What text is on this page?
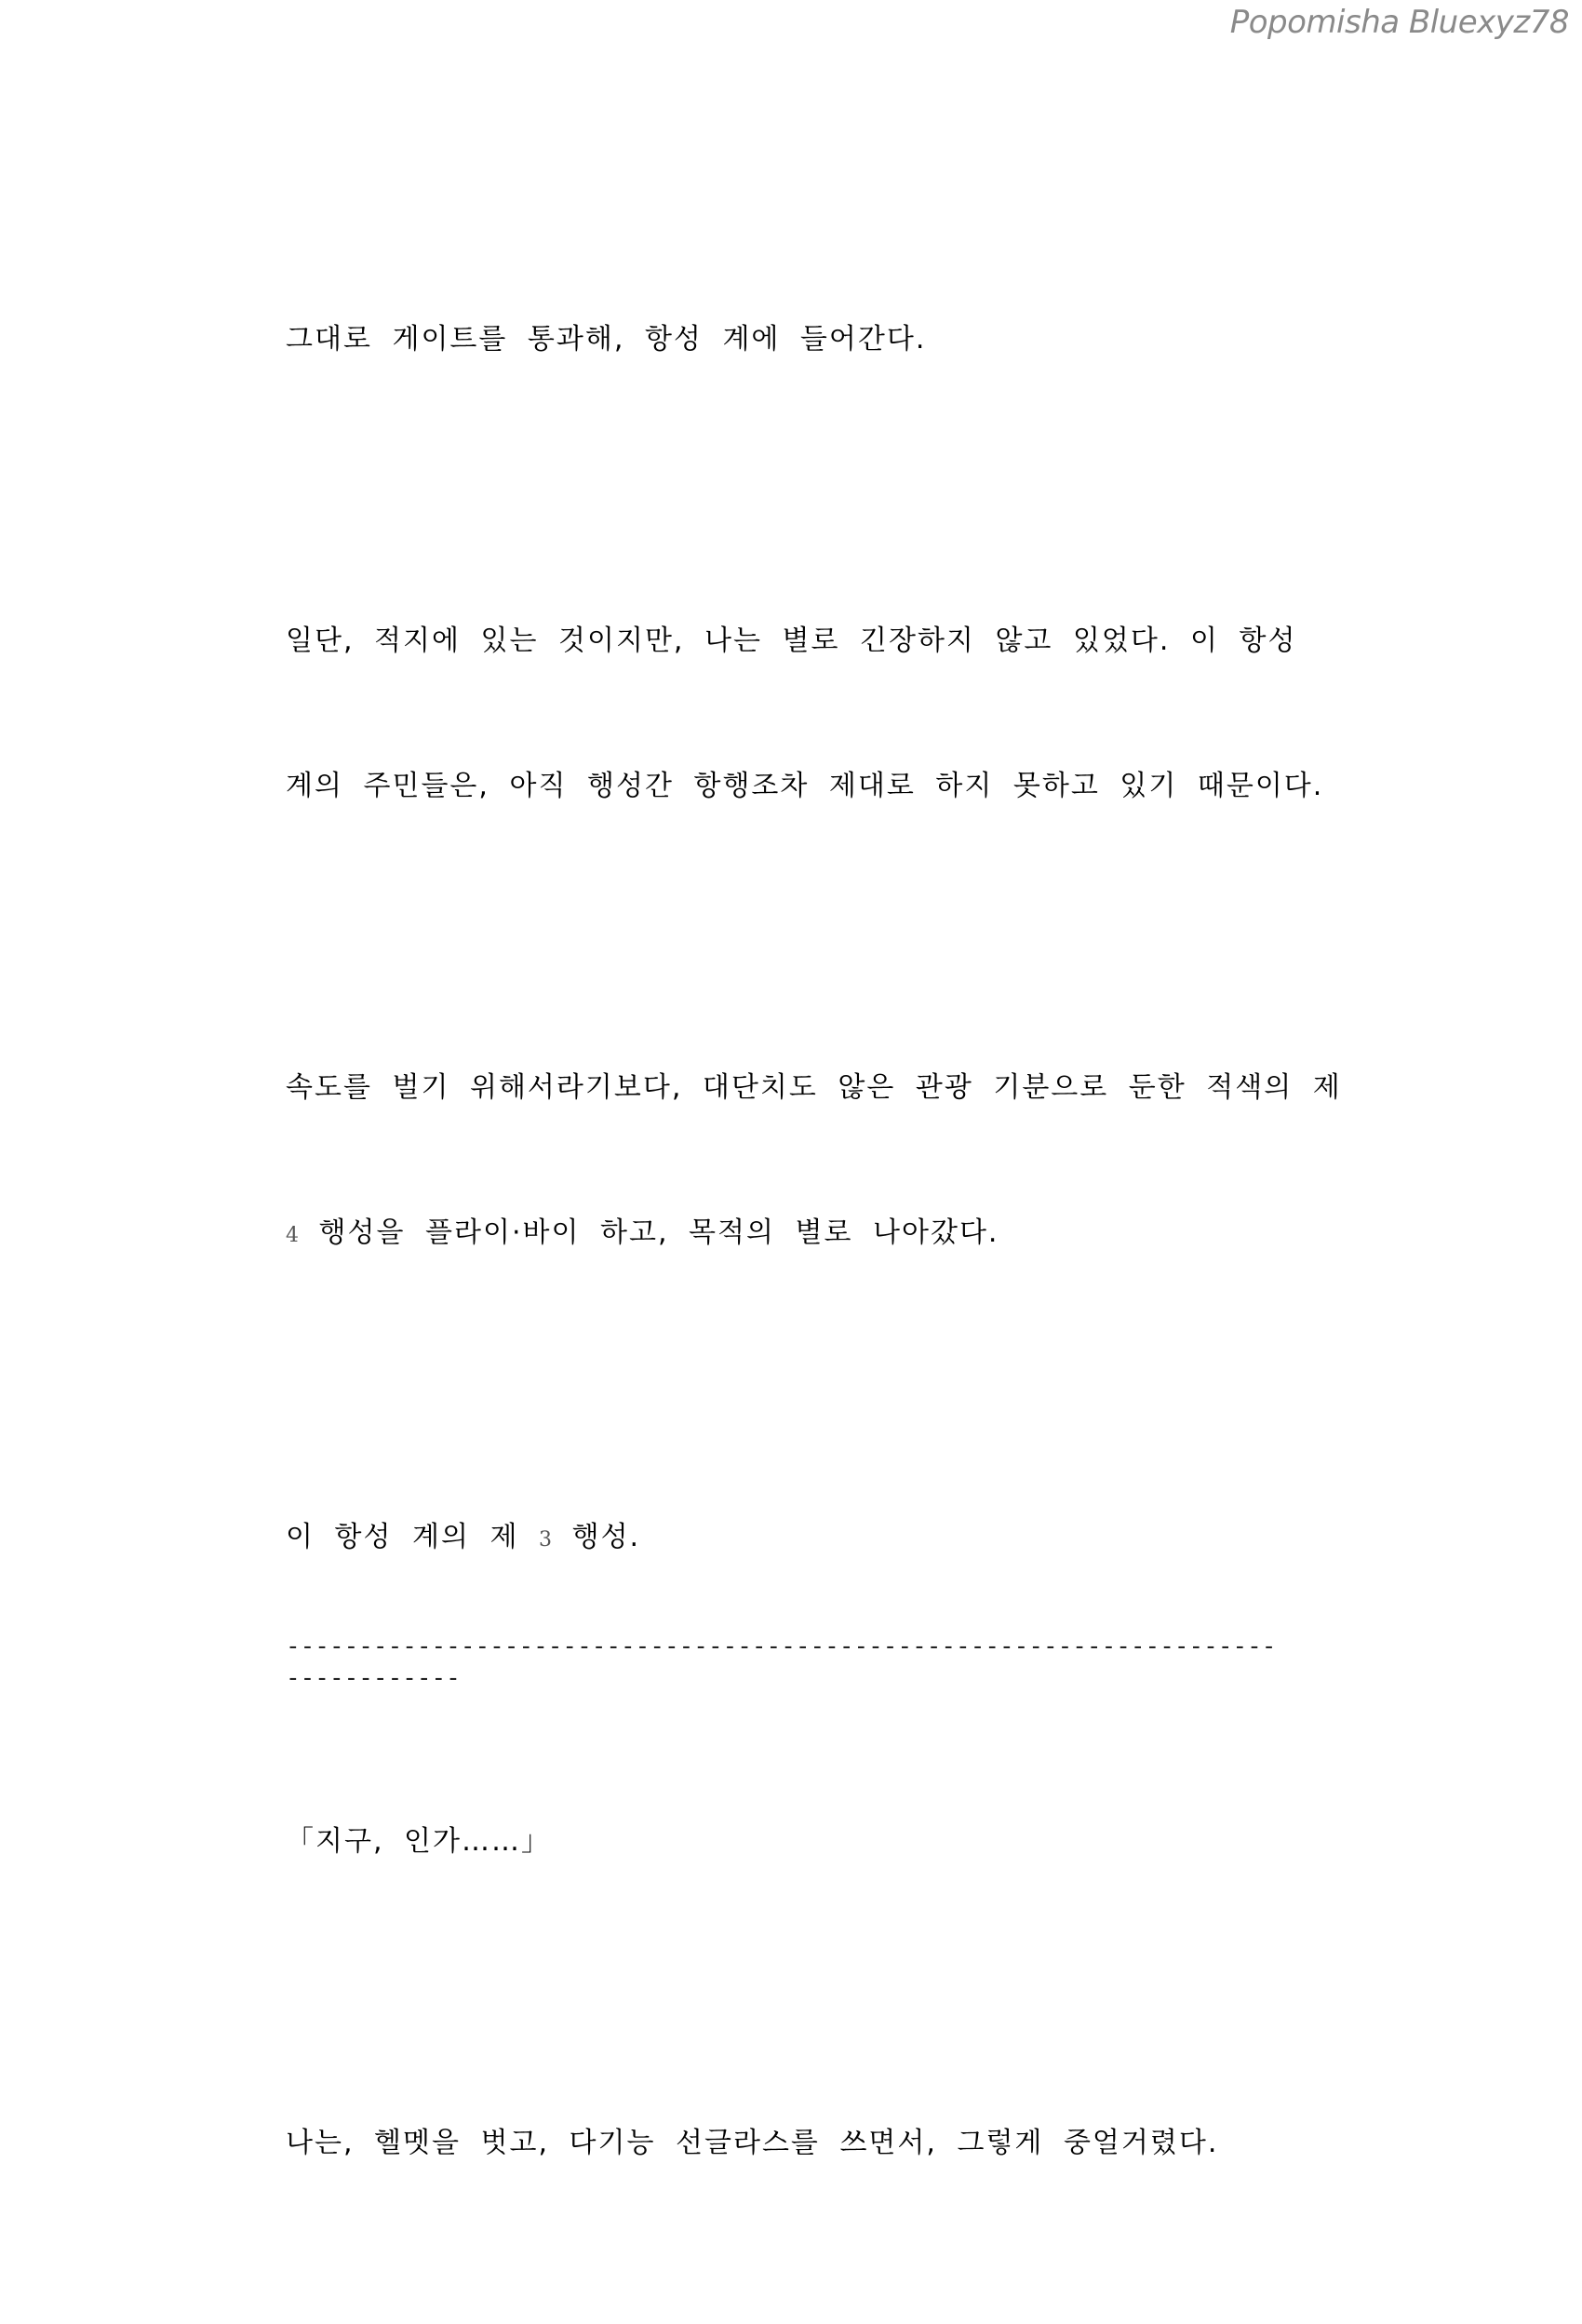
Popomisha Bluexyz78

그대로 게이트를 통과해, 항성 계에 들어간다.

일단, 적지에 있는 것이지만, 나는 별로 긴장하지 않고 있었다. 이 항성

계의 주민들은, 아직 행성간 항행조차 제대로 하지 못하고 있기 때문이다.

속도를 벌기 위해서라기보다, 대단치도 않은 관광 기분으로 둔한 적색의 제

4 행성을 플라이·바이 하고, 목적의 별로 나아갔다.

이 항성 계의 제 3 행성.

「지구, 인가……」

나는, 헬멧을 벗고, 다기능 선글라스를 쓰면서, 그렇게 중얼거렸다.

--------------------------------------------------------------------------------
